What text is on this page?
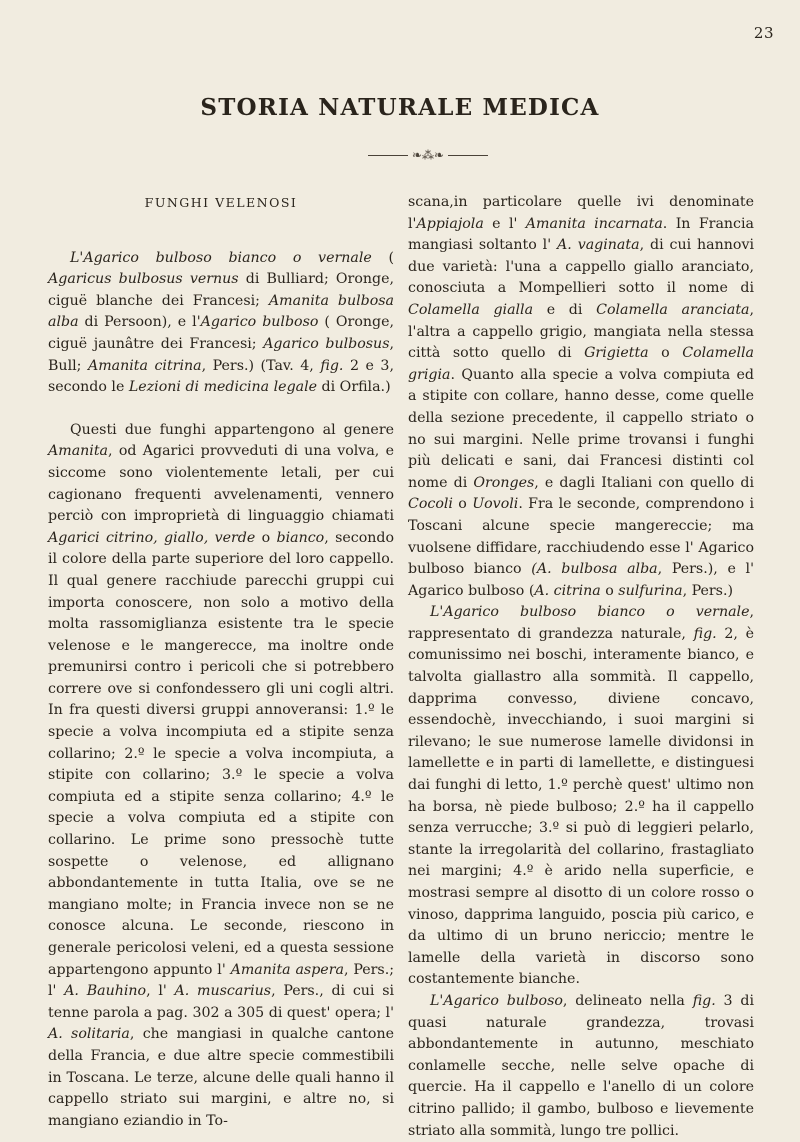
23
STORIA NATURALE MEDICA
❧⁂❧
FUNGHI VELENOSI

L'Agarico bulboso bianco o vernale ( Agaricus bulbosus vernus di Bulliard; Oronge, ciguë blanche dei Francesi; Amanita bulbosa alba di Persoon), e l'Agarico bulboso ( Oronge, ciguë jaunâtre dei Francesi; Agarico bulbosus, Bull; Amanita citrina, Pers.) (Tav. 4, fig. 2 e 3, secondo le Lezioni di medicina legale di Orfila.)

Questi due funghi appartengono al genere Amanita, od Agarici provveduti di una volva, e siccome sono violentemente letali, per cui cagionano frequenti avvelenamenti, vennero perciò con improprietà di linguaggio chiamati Agarici citrino, giallo, verde o bianco, secondo il colore della parte superiore del loro cappello. Il qual genere racchiude parecchi gruppi cui importa conoscere, non solo a motivo della molta rassomiglianza esistente tra le specie velenose e le mangerecce, ma inoltre onde premunirsi contro i pericoli che si potrebbero correre ove si confondessero gli uni cogli altri. In fra questi diversi gruppi annoveransi: 1.º le specie a volva incompiuta ed a stipite senza collarino; 2.º le specie a volva incompiuta, a stipite con collarino; 3.º le specie a volva compiuta ed a stipite senza collarino; 4.º le specie a volva compiuta ed a stipite con collarino. Le prime sono pressochè tutte sospette o velenose, ed allignano abbondantemente in tutta Italia, ove se ne mangiano molte; in Francia invece non se ne conosce alcuna. Le seconde, riescono in generale pericolosi veleni, ed a questa sessione appartengono appunto l' Amanita aspera, Pers.; l' A. Bauhino, l' A. muscarius, Pers., di cui si tenne parola a pag. 302 a 305 di quest' opera; l' A. solitaria, che mangiasi in qualche cantone della Francia, e due altre specie commestibili in Toscana. Le terze, alcune delle quali hanno il cappello striato sui margini, e altre no, si mangiano eziandio in To-

scana,in particolare quelle ivi denominate l'Appiajola e l' Amanita incarnata. In Francia mangiasi soltanto l' A. vaginata, di cui hannovi due varietà: l'una a cappello giallo aranciato, conosciuta a Mompellieri sotto il nome di Colamella gialla e di Colamella aranciata, l'altra a cappello grigio, mangiata nella stessa città sotto quello di Grigietta o Colamella grigia. Quanto alla specie a volva compiuta ed a stipite con collare, hanno desse, come quelle della sezione precedente, il cappello striato o no sui margini. Nelle prime trovansi i funghi più delicati e sani, dai Francesi distinti col nome di Oronges, e dagli Italiani con quello di Cocoli o Uovoli. Fra le seconde, comprendono i Toscani alcune specie mangereccie; ma vuolsene diffidare, racchiudendo esse l' Agarico bulboso bianco (A. bulbosa alba, Pers.), e l' Agarico bulboso (A. citrina o sulfurina, Pers.)

L'Agarico bulboso bianco o vernale, rappresentato di grandezza naturale, fig. 2, è comunissimo nei boschi, interamente bianco, e talvolta giallastro alla sommità. Il cappello, dapprima convesso, diviene concavo, essendochè, invecchiando, i suoi margini si rilevano; le sue numerose lamelle dividonsi in lamellette e in parti di lamellette, e distinguesi dai funghi di letto, 1.º perchè quest' ultimo non ha borsa, nè piede bulboso; 2.º ha il cappello senza verrucche; 3.º si può di leggieri pelarlo, stante la irregolarità del collarino, frastagliato nei margini; 4.º è arido nella superficie, e mostrasi sempre al disotto di un colore rosso o vinoso, dapprima languido, poscia più carico, e da ultimo di un bruno nericcio; mentre le lamelle della varietà in discorso sono costantemente bianche.

L'Agarico bulboso, delineato nella fig. 3 di quasi naturale grandezza, trovasi abbondantemente in autunno, meschiato conlamelle secche, nelle selve opache di quercie. Ha il cappello e l'anello di un colore citrino pallido; il gambo, bulboso e lievemente striato alla sommità, lungo tre pollici.
